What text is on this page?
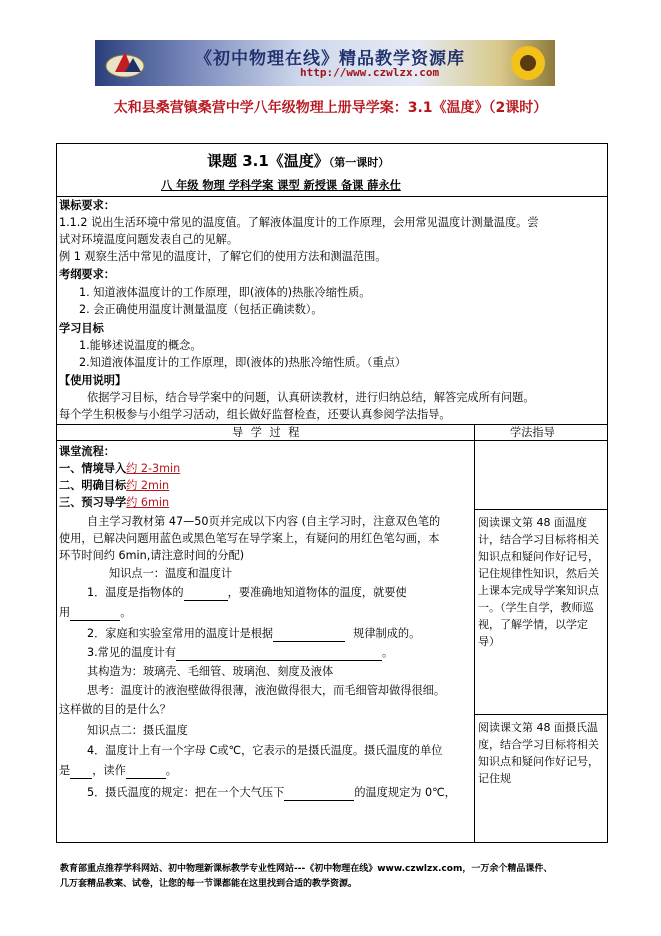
《初中物理在线》精品教学资源库
http://www.czwlzx.com
太和县桑营镇桑营中学八年级物理上册导学案：3.1《温度》（2课时）
课题 3.1《温度》（第一课时）
八 年级 物理 学科学案 课型 新授课 备课 薛永仕
课标要求：
1.1.2 说出生活环境中常见的温度值。了解液体温度计的工作原理，会用常见温度计测量温度。尝
试对环境温度问题发表自己的见解。
例 1 观察生活中常见的温度计，了解它们的使用方法和测温范围。
考纲要求：
1. 知道液体温度计的工作原理，即(液体的)热胀冷缩性质。
2. 会正确使用温度计测量温度（包括正确读数）。
学习目标
1.能够述说温度的概念。
2.知道液体温度计的工作原理，即(液体的)热胀冷缩性质。（重点）
【使用说明】
依据学习目标，结合导学案中的问题，认真研读教材，进行归纳总结，解答完成所有问题。
每个学生积极参与小组学习活动，组长做好监督检查，还要认真参阅学法指导。
导 学 过 程	学法指导
课堂流程：
一、情境导入约 2-3min
二、明确目标约 2min
三、预习导学约 6min
自主学习教材第 47—50页并完成以下内容 (自主学习时，注意双色笔的
使用，已解决问题用蓝色或黑色笔写在导学案上，有疑问的用红色笔勾画，本
环节时间约 6min,请注意时间的分配)
知识点一：温度和温度计
1．温度是指物体的	，要准确地知道物体的温度，就要使
用	。
2．家庭和实验室常用的温度计是根据	规律制成的。
3.常见的温度计有	。
其构造为：玻璃壳、毛细管、玻璃泡、刻度及液体
思考：温度计的液泡壁做得很薄，液泡做得很大，而毛细管却做得很细。
这样做的目的是什么？
知识点二：摄氏温度
4．温度计上有一个字母 C或℃，它表示的是摄氏温度。摄氏温度的单位
是 ，读作	。
5．摄氏温度的规定：把在一个大气压下	的温度规定为 0℃，
阅读课文第 48 面温度计，结合学习目标将相关知识点和疑问作好记号，记住规律性知识，然后关上课本完成导学案知识点一。（学生自学，教师巡视，了解学情，以学定导）
阅读课文第 48 面摄氏温度，结合学习目标将相关知识点和疑问作好记号，记住规
教育部重点推荐学科网站、初中物理新课标教学专业性网站---《初中物理在线》www.czwlzx.com，一万余个精品课件、
几万套精品教案、试卷，让您的每一节课都能在这里找到合适的教学资源。
